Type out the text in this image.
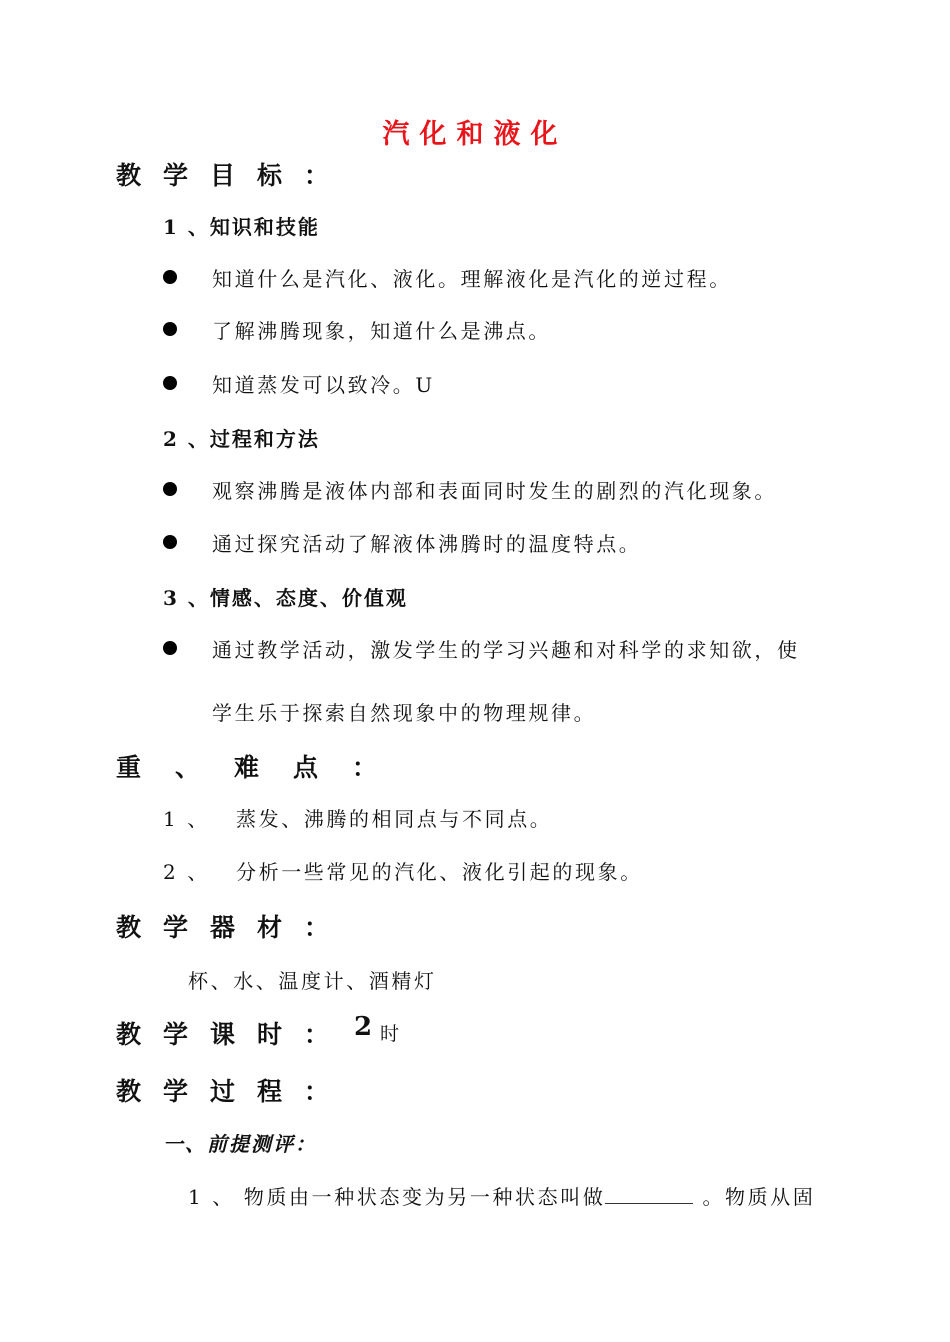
汽化和液化
教学目标：
1 、知识和技能
知道什么是汽化、液化。理解液化是汽化的逆过程。
了解沸腾现象，知道什么是沸点。
知道蒸发可以致冷。U
2 、过程和方法
观察沸腾是液体内部和表面同时发生的剧烈的汽化现象。
通过探究活动了解液体沸腾时的温度特点。
3 、情感、态度、价值观
通过教学活动，激发学生的学习兴趣和对科学的求知欲，使
学生乐于探索自然现象中的物理规律。
重、难点：
1 、 蒸发、沸腾的相同点与不同点。
2 、 分析一些常见的汽化、液化引起的现象。
教学器材：
杯、水、温度计、酒精灯
教学课时： 2 时
教学过程：
一、前提测评：
1 、 物质由一种状态变为另一种状态叫做	。物质从固
